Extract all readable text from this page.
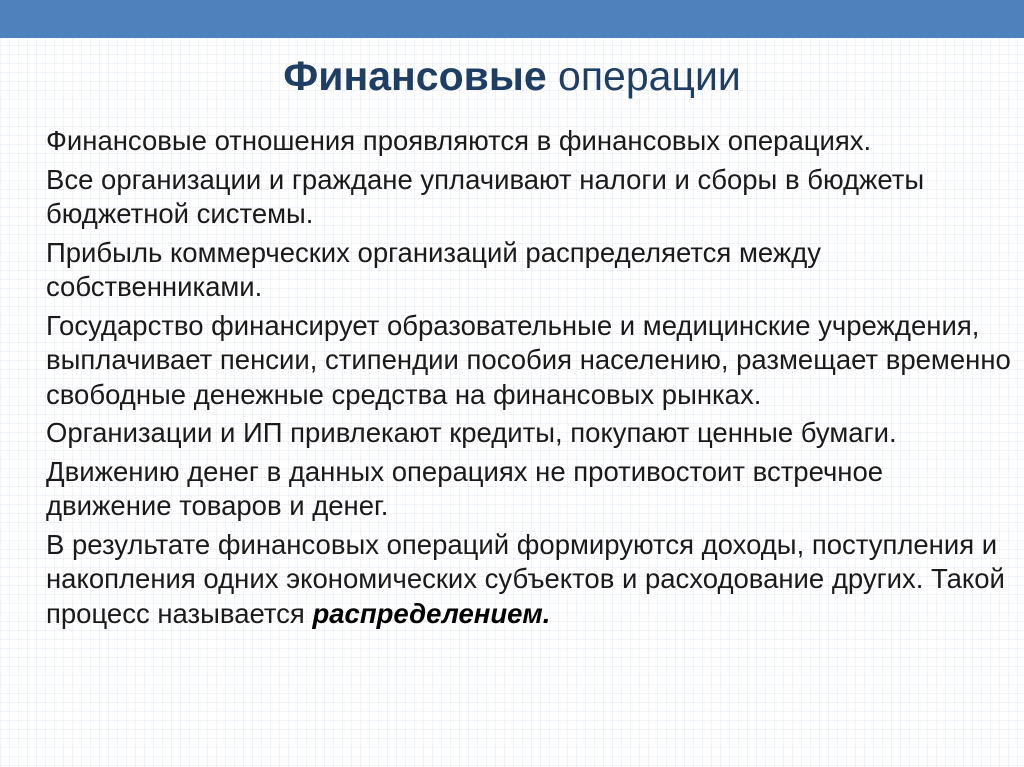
Финансовые операции

Финансовые отношения проявляются в финансовых операциях.

Все организации и граждане уплачивают налоги и сборы в бюджеты бюджетной системы.

Прибыль коммерческих организаций распределяется между собственниками.

Государство финансирует образовательные и медицинские учреждения, выплачивает пенсии, стипендии пособия населению, размещает временно свободные денежные средства на финансовых рынках.

Организации и ИП привлекают кредиты, покупают ценные бумаги.

Движению денег в данных операциях не противостоит встречное движение товаров и денег.

В результате финансовых операций формируются доходы, поступления и накопления одних экономических субъектов и расходование других. Такой процесс называется распределением.
